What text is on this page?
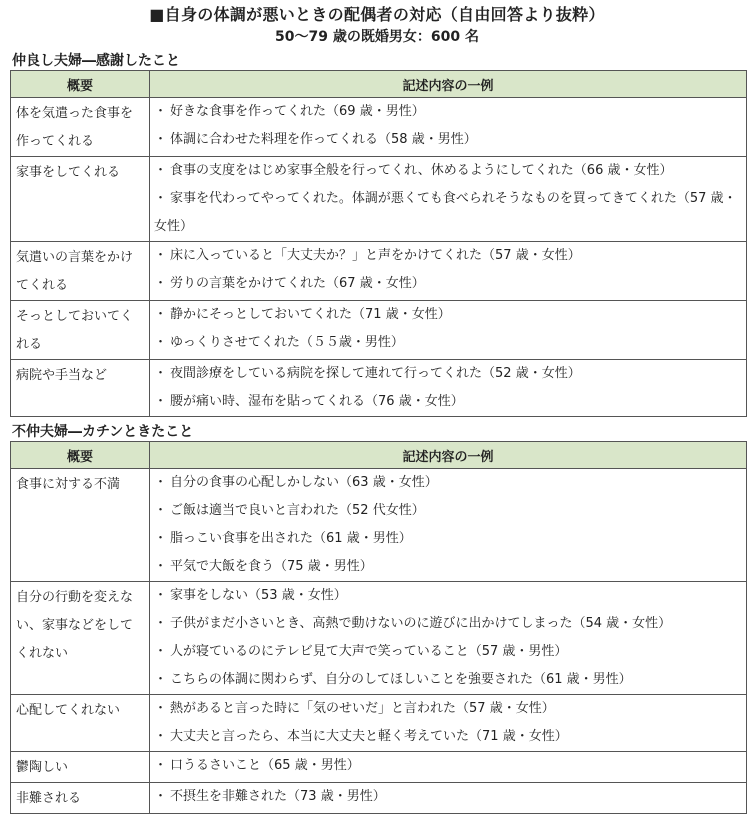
■自身の体調が悪いときの配偶者の対応（自由回答より抜粋）
50～79 歳の既婚男女：600 名
仲良し夫婦―感謝したこと
概要	記述内容の一例
体を気遣った食事を作ってくれる	・ 好きな食事を作ってくれた（69 歳・男性）
・ 体調に合わせた料理を作ってくれる（58 歳・男性）

家事をしてくれる	・ 食事の支度をはじめ家事全般を行ってくれ、休めるようにしてくれた（66 歳・女性）
・ 家事を代わってやってくれた。体調が悪くても食べられそうなものを買ってきてくれた（57 歳・女性）

気遣いの言葉をかけてくれる	・ 床に入っていると「大丈夫か？」と声をかけてくれた（57 歳・女性）
・ 労りの言葉をかけてくれた（67 歳・女性）

そっとしておいてくれる	・ 静かにそっとしておいてくれた（71 歳・女性）
・ ゆっくりさせてくれた（５５歳・男性）

病院や手当など	・ 夜間診療をしている病院を探して連れて行ってくれた（52 歳・女性）
・ 腰が痛い時、湿布を貼ってくれる（76 歳・女性）
不仲夫婦―カチンときたこと
概要	記述内容の一例
食事に対する不満	・ 自分の食事の心配しかしない（63 歳・女性）
・ ご飯は適当で良いと言われた（52 代女性）
・ 脂っこい食事を出された（61 歳・男性）
・ 平気で大飯を食う（75 歳・男性）

自分の行動を変えない、家事などをしてくれない	・ 家事をしない（53 歳・女性）
・ 子供がまだ小さいとき、高熱で動けないのに遊びに出かけてしまった（54 歳・女性）
・ 人が寝ているのにテレビ見て大声で笑っていること（57 歳・男性）
・ こちらの体調に関わらず、自分のしてほしいことを強要された（61 歳・男性）

心配してくれない	・ 熱があると言った時に「気のせいだ」と言われた（57 歳・女性）
・ 大丈夫と言ったら、本当に大丈夫と軽く考えていた（71 歳・女性）

鬱陶しい	・ 口うるさいこと（65 歳・男性）

非難される	・ 不摂生を非難された（73 歳・男性）
